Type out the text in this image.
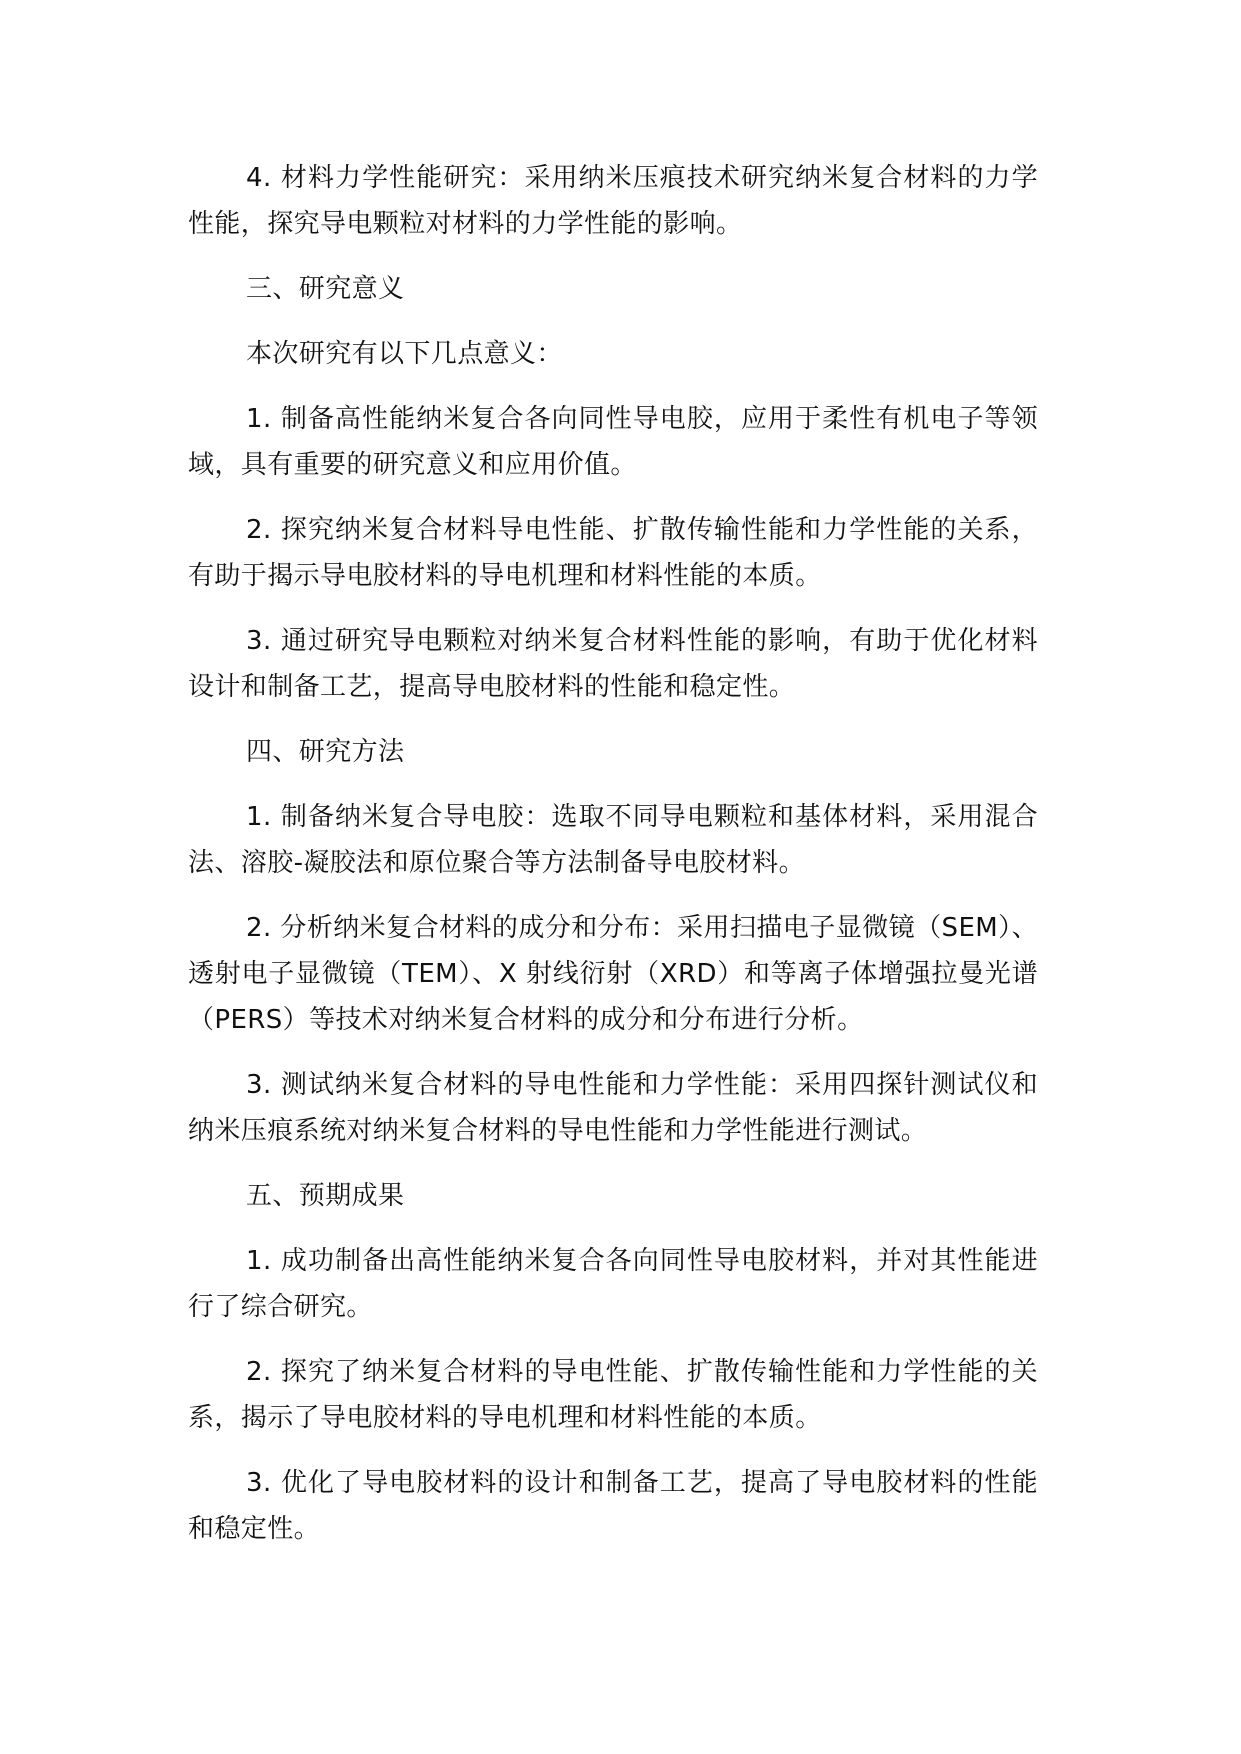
4. 材料力学性能研究：采用纳米压痕技术研究纳米复合材料的力学性能，探究导电颗粒对材料的力学性能的影响。

三、研究意义

本次研究有以下几点意义：

1. 制备高性能纳米复合各向同性导电胶，应用于柔性有机电子等领域，具有重要的研究意义和应用价值。

2. 探究纳米复合材料导电性能、扩散传输性能和力学性能的关系，有助于揭示导电胶材料的导电机理和材料性能的本质。

3. 通过研究导电颗粒对纳米复合材料性能的影响，有助于优化材料设计和制备工艺，提高导电胶材料的性能和稳定性。

四、研究方法

1. 制备纳米复合导电胶：选取不同导电颗粒和基体材料，采用混合法、溶胶-凝胶法和原位聚合等方法制备导电胶材料。

2. 分析纳米复合材料的成分和分布：采用扫描电子显微镜（SEM）、透射电子显微镜（TEM）、X 射线衍射（XRD）和等离子体增强拉曼光谱（PERS）等技术对纳米复合材料的成分和分布进行分析。

3. 测试纳米复合材料的导电性能和力学性能：采用四探针测试仪和纳米压痕系统对纳米复合材料的导电性能和力学性能进行测试。

五、预期成果

1. 成功制备出高性能纳米复合各向同性导电胶材料，并对其性能进行了综合研究。

2. 探究了纳米复合材料的导电性能、扩散传输性能和力学性能的关系，揭示了导电胶材料的导电机理和材料性能的本质。

3. 优化了导电胶材料的设计和制备工艺，提高了导电胶材料的性能和稳定性。
